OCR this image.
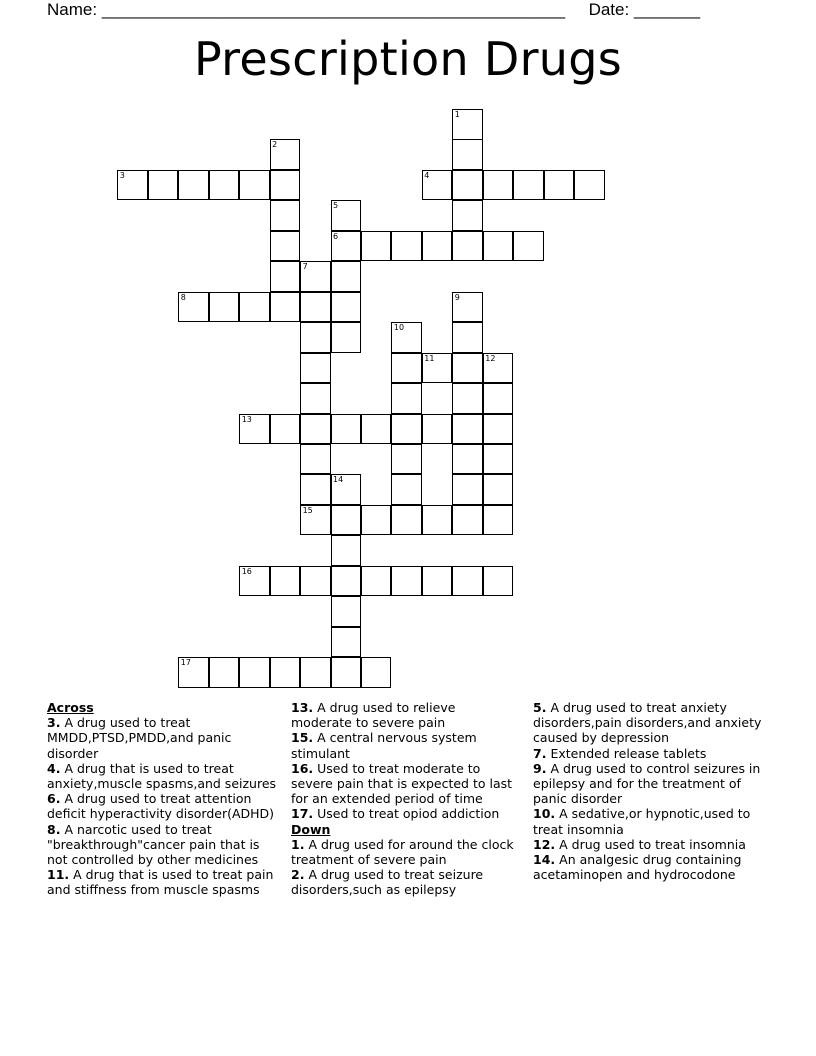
Name: _________________________________________________ Date: _______
Prescription Drugs
1
2
3	4
5
6
7
8	9
10
11	12
13
14
15
16
17
Across
3. A drug used to treat MMDD,PTSD,PMDD,and panic disorder
4. A drug that is used to treat anxiety,muscle spasms,and seizures
6. A drug used to treat attention deficit hyperactivity disorder(ADHD)
8. A narcotic used to treat "breakthrough"cancer pain that is not controlled by other medicines
11. A drug that is used to treat pain and stiffness from muscle spasms
13. A drug used to relieve moderate to severe pain
15. A central nervous system stimulant
16. Used to treat moderate to severe pain that is expected to last for an extended period of time
17. Used to treat opiod addiction
Down
1. A drug used for around the clock treatment of severe pain
2. A drug used to treat seizure disorders,such as epilepsy
5. A drug used to treat anxiety disorders,pain disorders,and anxiety caused by depression
7. Extended release tablets
9. A drug used to control seizures in epilepsy and for the treatment of panic disorder
10. A sedative,or hypnotic,used to treat insomnia
12. A drug used to treat insomnia
14. An analgesic drug containing acetaminopen and hydrocodone
